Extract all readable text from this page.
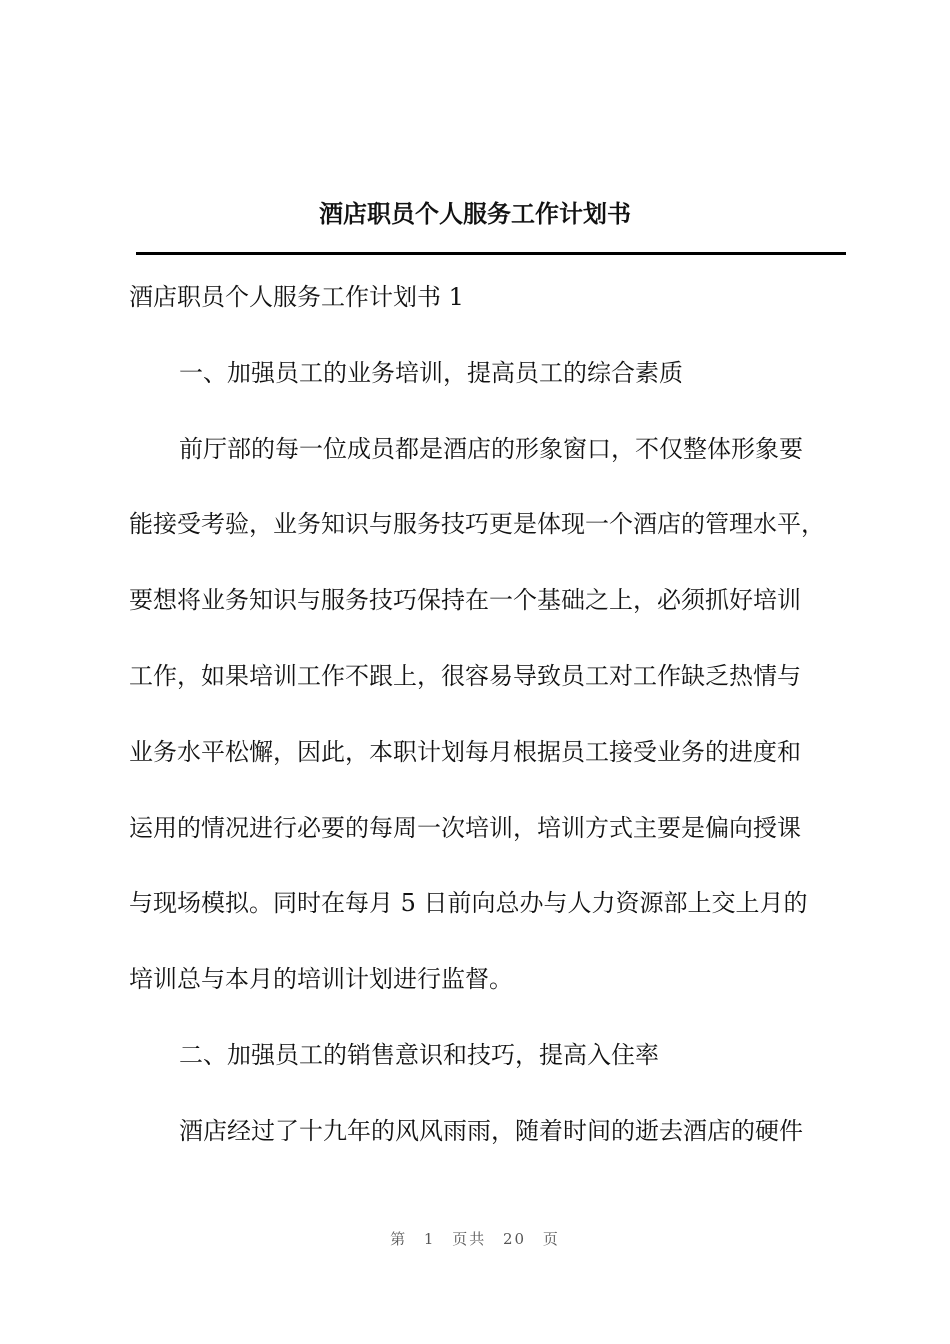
酒店职员个人服务工作计划书
酒店职员个人服务工作计划书 1
一、加强员工的业务培训，提高员工的综合素质
前厅部的每一位成员都是酒店的形象窗口，不仅整体形象要
能接受考验，业务知识与服务技巧更是体现一个酒店的管理水平，
要想将业务知识与服务技巧保持在一个基础之上，必须抓好培训
工作，如果培训工作不跟上，很容易导致员工对工作缺乏热情与
业务水平松懈，因此，本职计划每月根据员工接受业务的进度和
运用的情况进行必要的每周一次培训，培训方式主要是偏向授课
与现场模拟。同时在每月 5 日前向总办与人力资源部上交上月的
培训总与本月的培训计划进行监督。
二、加强员工的销售意识和技巧，提高入住率
酒店经过了十九年的风风雨雨，随着时间的逝去酒店的硬件
第 1 页共 20 页
